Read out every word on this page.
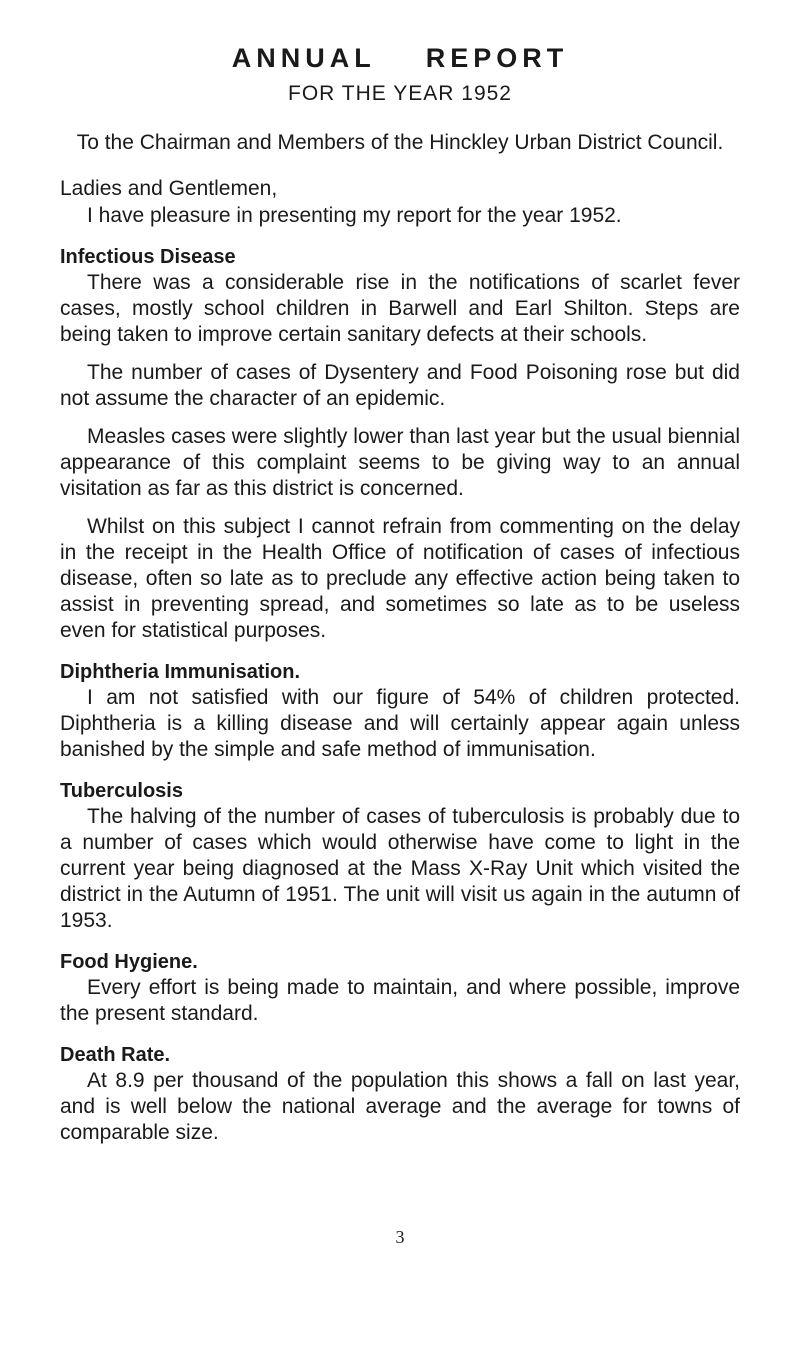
ANNUAL REPORT
FOR THE YEAR 1952

To the Chairman and Members of the Hinckley Urban District Council.

Ladies and Gentlemen,

I have pleasure in presenting my report for the year 1952.

Infectious Disease

There was a considerable rise in the notifications of scarlet fever cases, mostly school children in Barwell and Earl Shilton. Steps are being taken to improve certain sanitary defects at their schools.

The number of cases of Dysentery and Food Poisoning rose but did not assume the character of an epidemic.

Measles cases were slightly lower than last year but the usual biennial appearance of this complaint seems to be giving way to an annual visitation as far as this district is concerned.

Whilst on this subject I cannot refrain from commenting on the delay in the receipt in the Health Office of notification of cases of infectious disease, often so late as to preclude any effective action being taken to assist in preventing spread, and sometimes so late as to be useless even for statistical purposes.

Diphtheria Immunisation.

I am not satisfied with our figure of 54% of children protected. Diphtheria is a killing disease and will certainly appear again unless banished by the simple and safe method of immunisation.

Tuberculosis

The halving of the number of cases of tuberculosis is probably due to a number of cases which would otherwise have come to light in the current year being diagnosed at the Mass X-Ray Unit which visited the district in the Autumn of 1951. The unit will visit us again in the autumn of 1953.

Food Hygiene.

Every effort is being made to maintain, and where possible, improve the present standard.

Death Rate.

At 8.9 per thousand of the population this shows a fall on last year, and is well below the national average and the average for towns of comparable size.

3
